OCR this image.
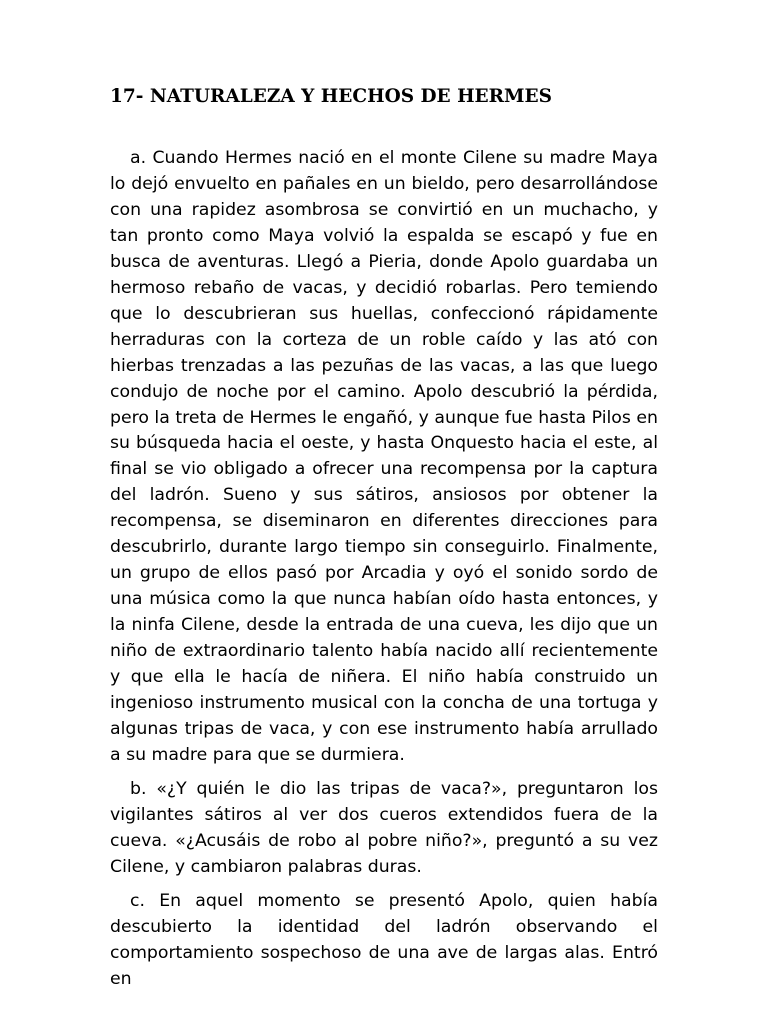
17- NATURALEZA Y HECHOS DE HERMES

a. Cuando Hermes nació en el monte Cilene su madre Maya lo dejó envuelto en pañales en un bieldo, pero desarrollándose con una rapidez asombrosa se convirtió en un muchacho, y tan pronto como Maya volvió la espalda se escapó y fue en busca de aventuras. Llegó a Pieria, donde Apolo guardaba un hermoso rebaño de vacas, y decidió robarlas. Pero temiendo que lo descubrieran sus huellas, confeccionó rápidamente herraduras con la corteza de un roble caído y las ató con hierbas trenzadas a las pezuñas de las vacas, a las que luego condujo de noche por el camino. Apolo descubrió la pérdida, pero la treta de Hermes le engañó, y aunque fue hasta Pilos en su búsqueda hacia el oeste, y hasta Onquesto hacia el este, al final se vio obligado a ofrecer una recompensa por la captura del ladrón. Sueno y sus sátiros, ansiosos por obtener la recompensa, se diseminaron en diferentes direcciones para descubrirlo, durante largo tiempo sin conseguirlo. Finalmente, un grupo de ellos pasó por Arcadia y oyó el sonido sordo de una música como la que nunca habían oído hasta entonces, y la ninfa Cilene, desde la entrada de una cueva, les dijo que un niño de extraordinario talento había nacido allí recientemente y que ella le hacía de niñera. El niño había construido un ingenioso instrumento musical con la concha de una tortuga y algunas tripas de vaca, y con ese instrumento había arrullado a su madre para que se durmiera.

b. «¿Y quién le dio las tripas de vaca?», preguntaron los vigilantes sátiros al ver dos cueros extendidos fuera de la cueva. «¿Acusáis de robo al pobre niño?», preguntó a su vez Cilene, y cambiaron palabras duras.

c. En aquel momento se presentó Apolo, quien había descubierto la identidad del ladrón observando el comportamiento sospechoso de una ave de largas alas. Entró en
